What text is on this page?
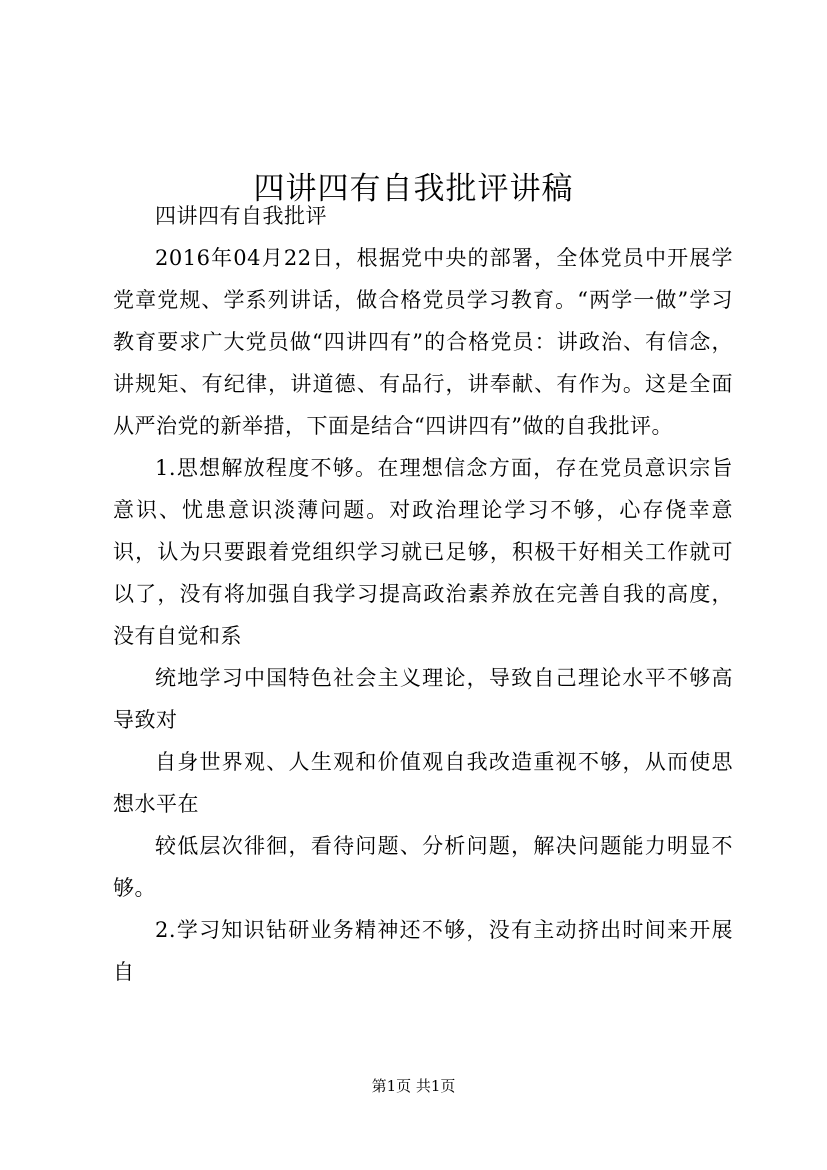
四讲四有自我批评讲稿

四讲四有自我批评

2016年04月22日，根据党中央的部署，全体党员中开展学党章党规、学系列讲话，做合格党员学习教育。“两学一做”学习教育要求广大党员做“四讲四有”的合格党员：讲政治、有信念，讲规矩、有纪律，讲道德、有品行，讲奉献、有作为。这是全面从严治党的新举措，下面是结合“四讲四有”做的自我批评。

1.思想解放程度不够。在理想信念方面，存在党员意识宗旨意识、忧患意识淡薄问题。对政治理论学习不够，心存侥幸意识，认为只要跟着党组织学习就已足够，积极干好相关工作就可以了，没有将加强自我学习提高政治素养放在完善自我的高度，没有自觉和系

统地学习中国特色社会主义理论，导致自己理论水平不够高导致对

自身世界观、人生观和价值观自我改造重视不够，从而使思想水平在

较低层次徘徊，看待问题、分析问题，解决问题能力明显不够。

2.学习知识钻研业务精神还不够，没有主动挤出时间来开展自

第1页 共1页
